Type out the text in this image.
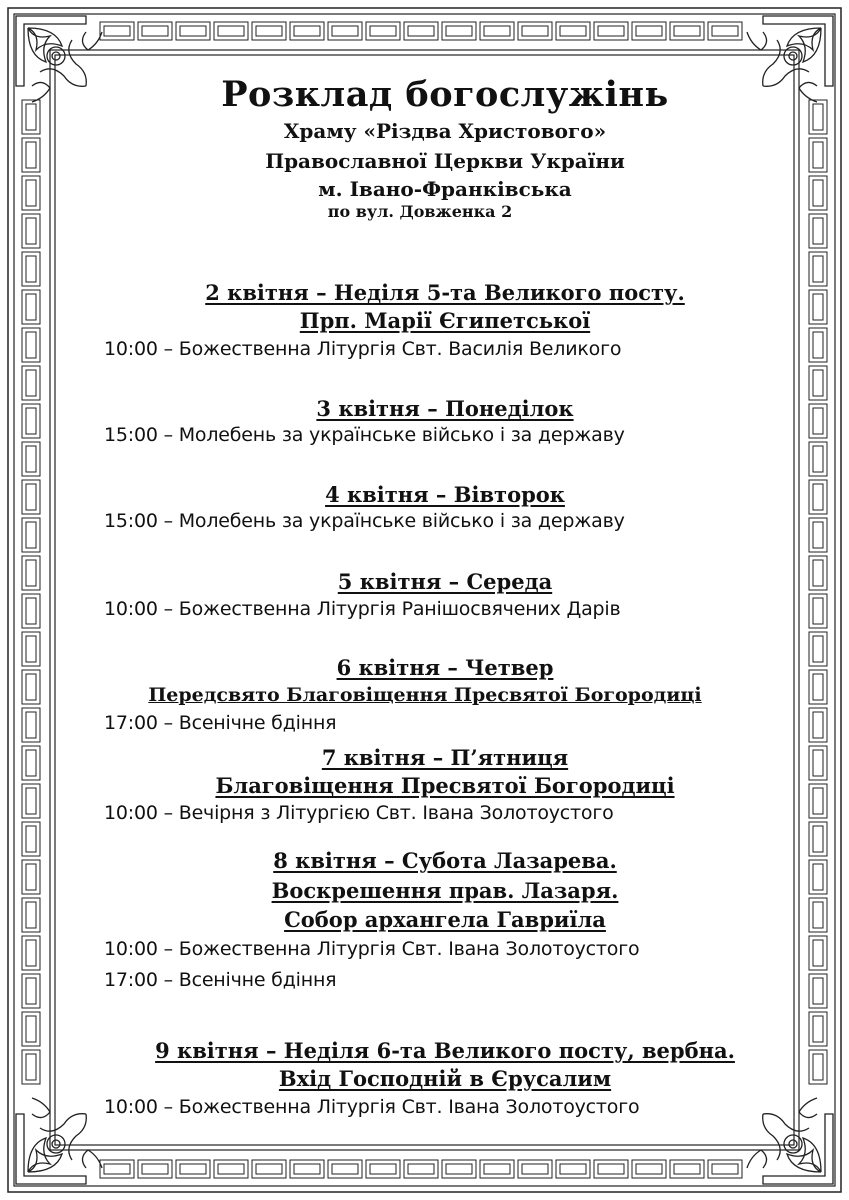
Розклад богослужінь
Храму «Різдва Христового»
Православної Церкви України
м. Івано-Франківська
по вул. Довженка 2
2 квітня – Неділя 5-та Великого посту.
Прп. Марії Єгипетської
10:00 – Божественна Літургія Свт. Василія Великого
3 квітня – Понеділок
15:00 – Молебень за українське військо і за державу
4 квітня – Вівторок
15:00 – Молебень за українське військо і за державу
5 квітня – Середа
10:00 – Божественна Літургія Ранішосвячених Дарів
6 квітня – Четвер
Передсвято Благовіщення Пресвятої Богородиці
17:00 – Всенічне бдіння
7 квітня – П’ятниця
Благовіщення Пресвятої Богородиці
10:00 – Вечірня з Літургією Свт. Івана Золотоустого
8 квітня – Субота Лазарева.
Воскрешення прав. Лазаря.
Собор архангела Гавриїла
10:00 – Божественна Літургія Свт. Івана Золотоустого
17:00 – Всенічне бдіння
9 квітня – Неділя 6-та Великого посту, вербна.
Вхід Господній в Єрусалим
10:00 – Божественна Літургія Свт. Івана Золотоустого
